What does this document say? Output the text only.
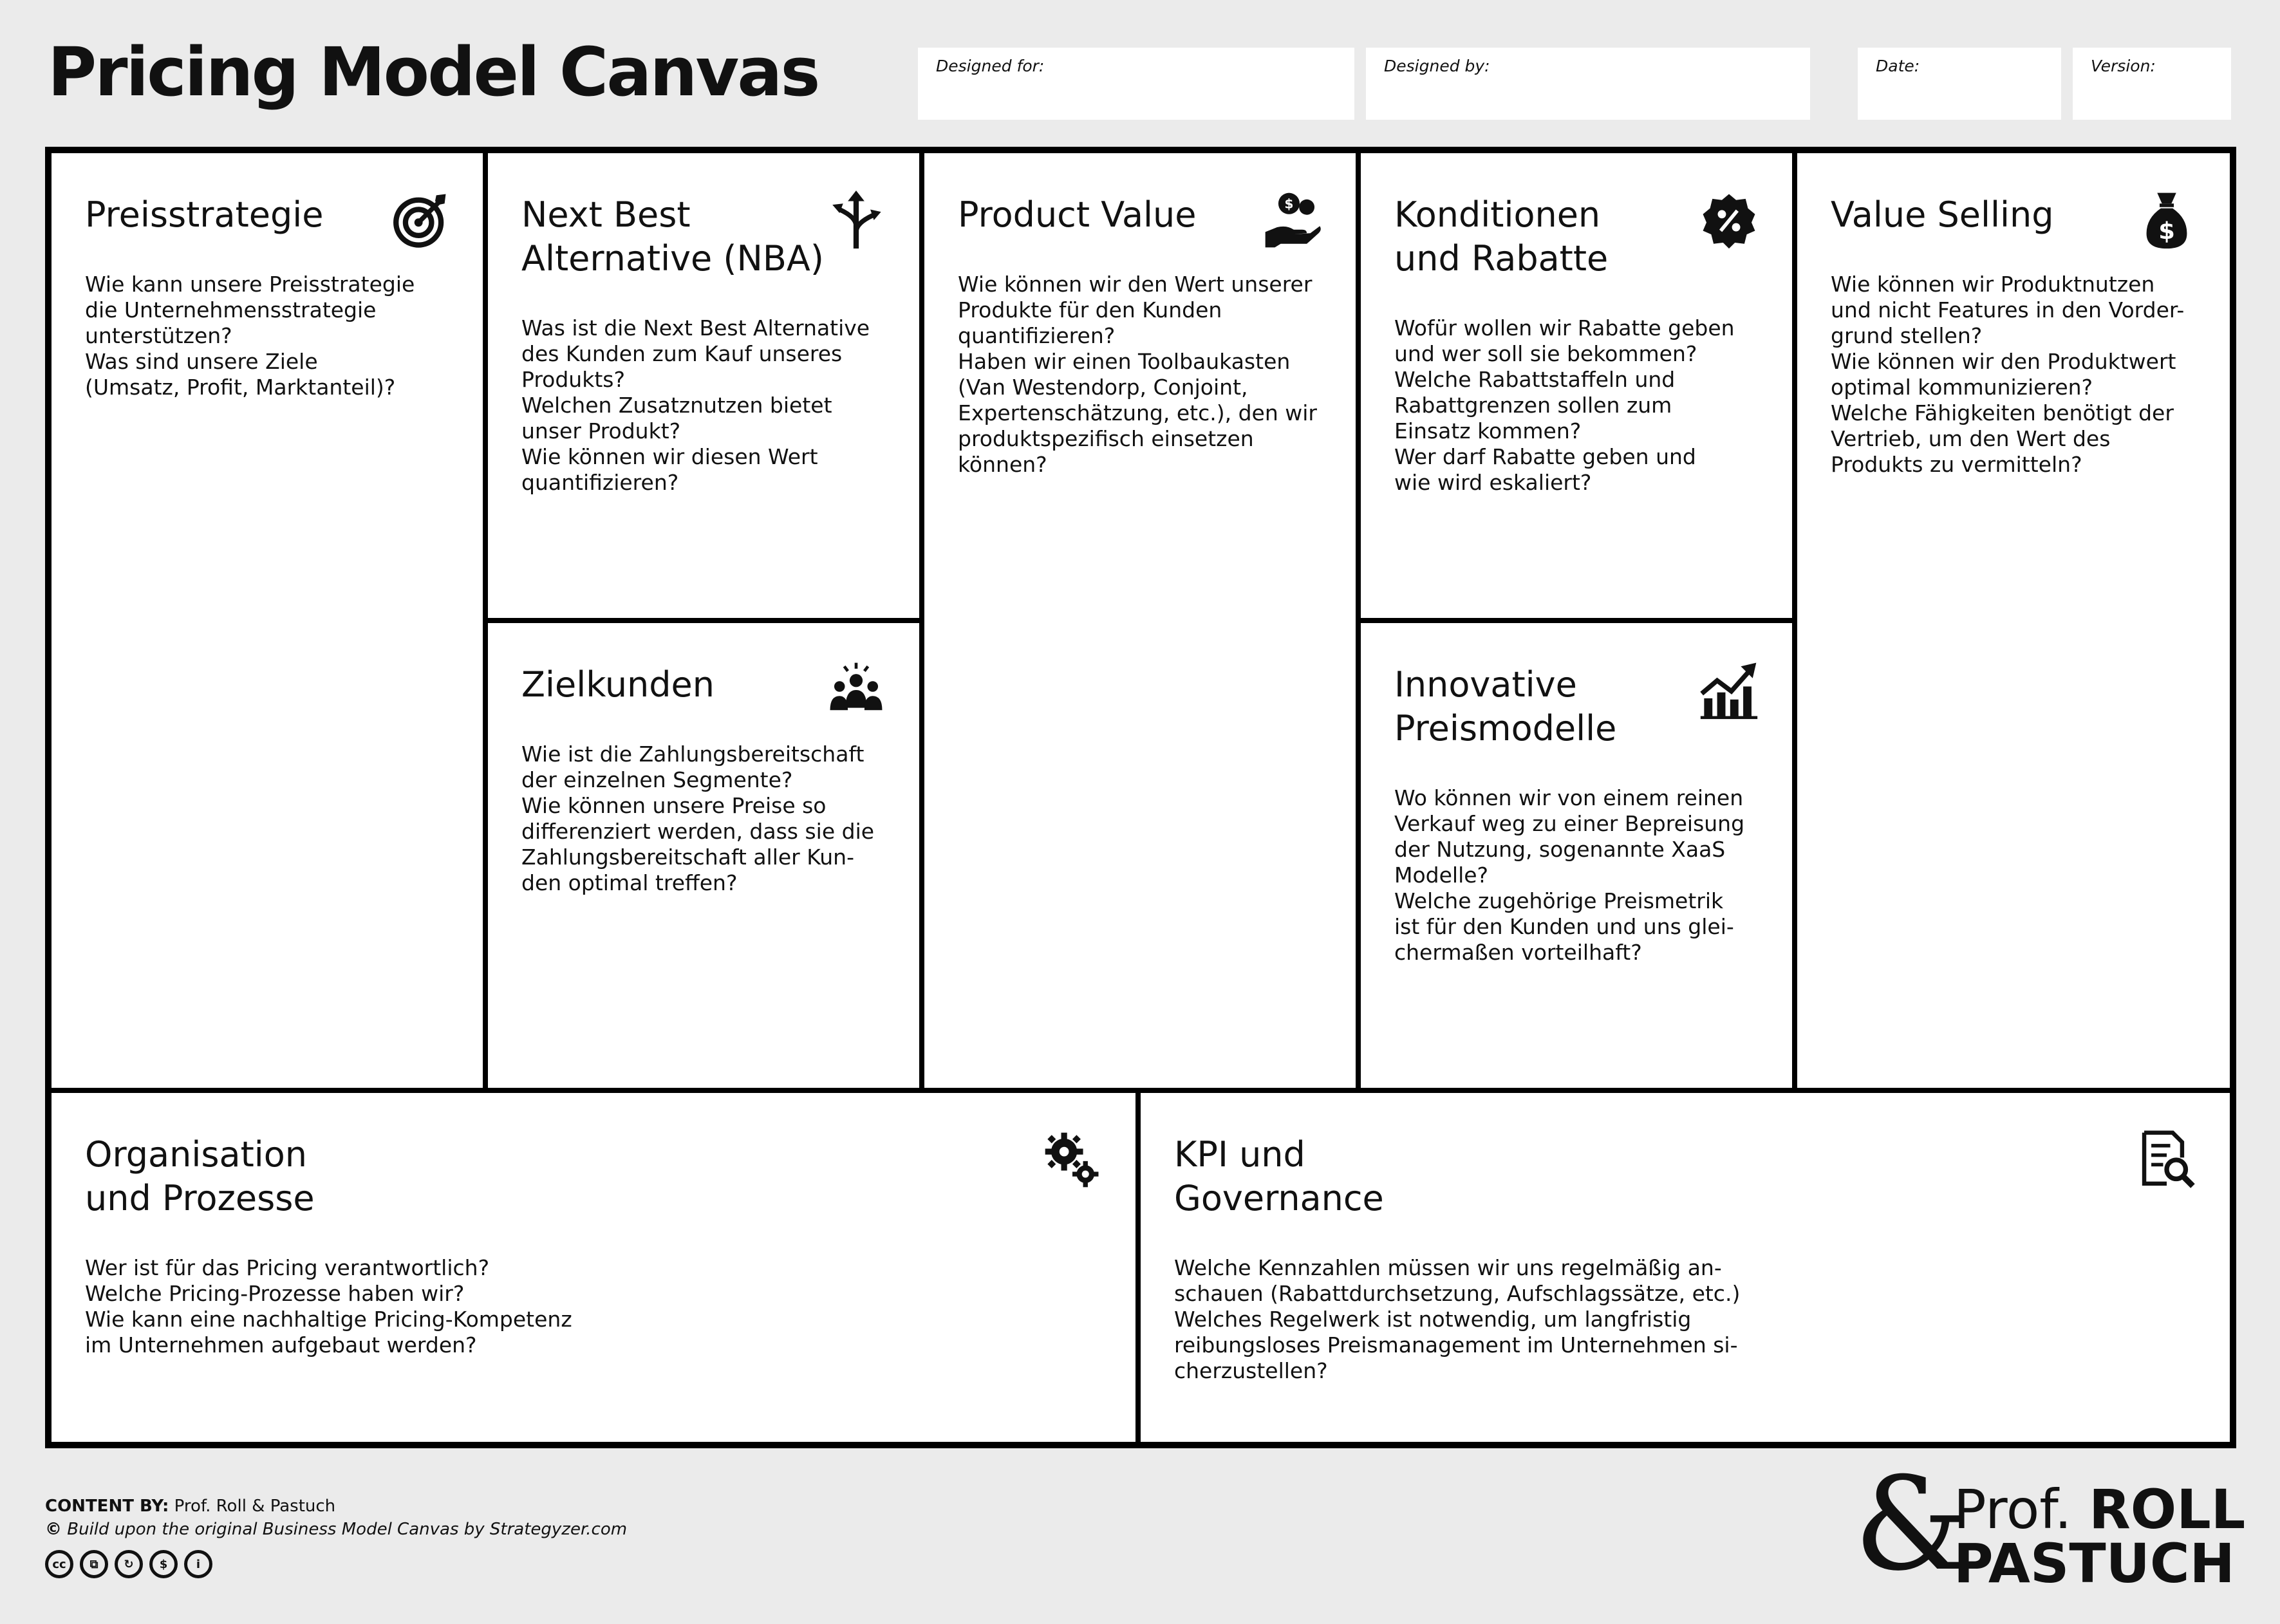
Pricing Model Canvas	Designed for:	Designed by:	Date:	Version:
Preisstrategie
Wie kann unsere Preisstrategie
die Unternehmensstrategie
unterstützen?
Was sind unsere Ziele
(Umsatz, Profit, Marktanteil)?
Next Best
Alternative (NBA)
Was ist die Next Best Alternative
des Kunden zum Kauf unseres
Produkts?
Welchen Zusatznutzen bietet
unser Produkt?
Wie können wir diesen Wert
quantifizieren?
Product Value	$
Wie können wir den Wert unserer
Produkte für den Kunden
quantifizieren?
Haben wir einen Toolbaukasten
(Van Westendorp, Conjoint,
Expertenschätzung, etc.), den wir
produktspezifisch einsetzen
können?
Konditionen
und Rabatte
Wofür wollen wir Rabatte geben
und wer soll sie bekommen?
Welche Rabattstaffeln und
Rabattgrenzen sollen zum
Einsatz kommen?
Wer darf Rabatte geben und
wie wird eskaliert?
Value Selling	$
Wie können wir Produktnutzen
und nicht Features in den Vorder-
grund stellen?
Wie können wir den Produktwert
optimal kommunizieren?
Welche Fähigkeiten benötigt der
Vertrieb, um den Wert des
Produkts zu vermitteln?
Zielkunden
Wie ist die Zahlungsbereitschaft
der einzelnen Segmente?
Wie können unsere Preise so
differenziert werden, dass sie die
Zahlungsbereitschaft aller Kun-
den optimal treffen?
Innovative
Preismodelle
Wo können wir von einem reinen
Verkauf weg zu einer Bepreisung
der Nutzung, sogenannte XaaS
Modelle?
Welche zugehörige Preismetrik
ist für den Kunden und uns glei-
chermaßen vorteilhaft?
Organisation
und Prozesse
Wer ist für das Pricing verantwortlich?
Welche Pricing-Prozesse haben wir?
Wie kann eine nachhaltige Pricing-Kompetenz
im Unternehmen aufgebaut werden?
KPI und
Governance
Welche Kennzahlen müssen wir uns regelmäßig an-
schauen (Rabattdurchsetzung, Aufschlagssätze, etc.)
Welches Regelwerk ist notwendig, um langfristig
reibungsloses Preismanagement im Unternehmen si-
cherzustellen?
CONTENT BY: Prof. Roll & Pastuch
© Build upon the original Business Model Canvas by Strategyzer.com
cc	⧉	↻	$	i	&
Prof. ROLL
PASTUCH
